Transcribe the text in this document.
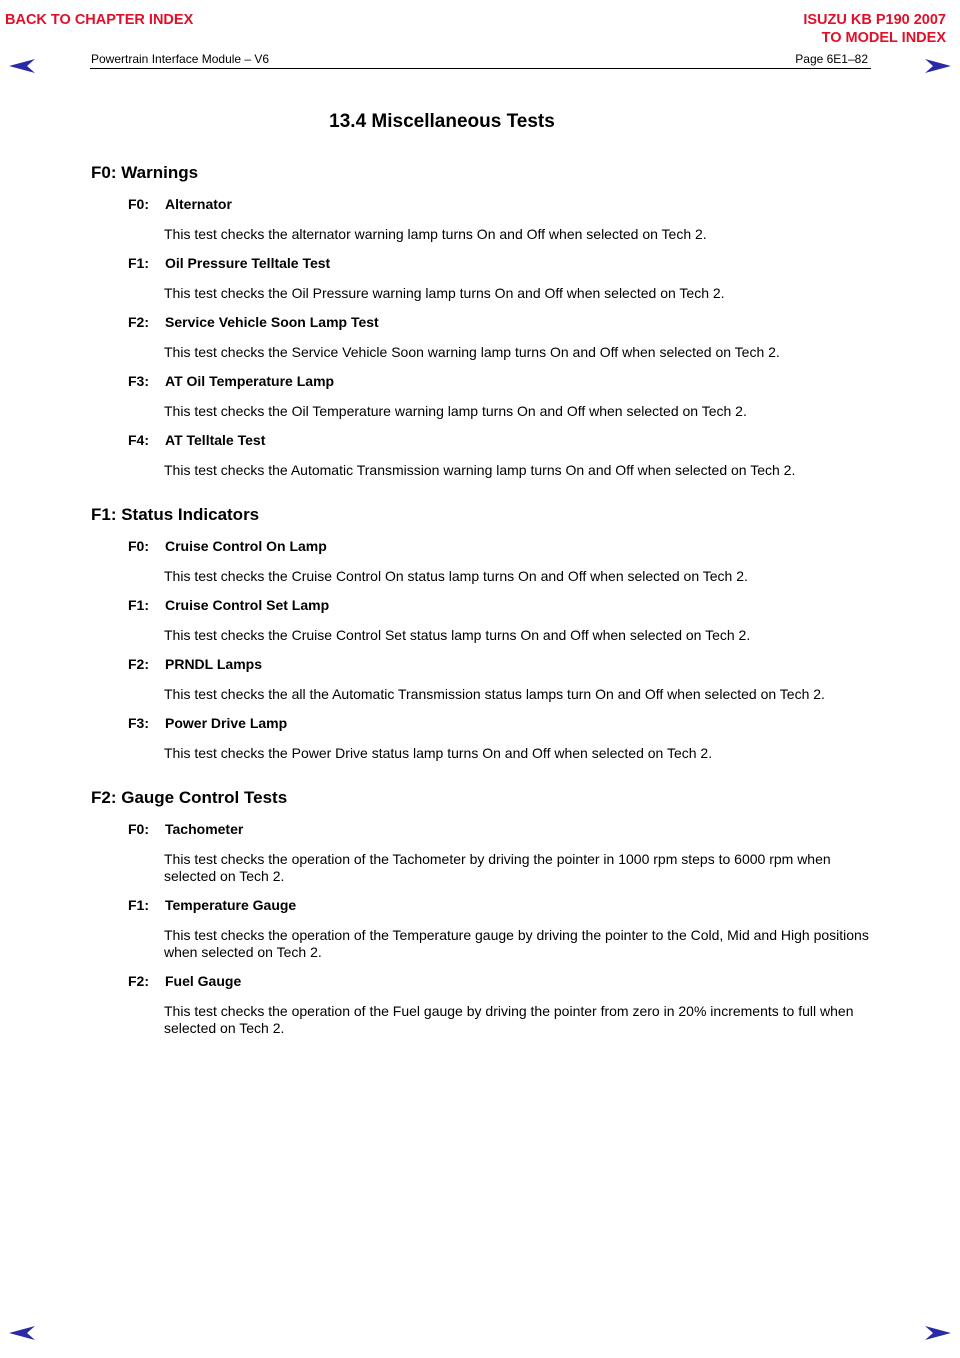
BACK TO CHAPTER INDEX	ISUZU KB P190 2007
TO MODEL INDEX
Powertrain Interface Module – V6	Page 6E1–82
13.4 Miscellaneous Tests
F0: Warnings
F0: Alternator
This test checks the alternator warning lamp turns On and Off when selected on Tech 2.
F1: Oil Pressure Telltale Test
This test checks the Oil Pressure warning lamp turns On and Off when selected on Tech 2.
F2: Service Vehicle Soon Lamp Test
This test checks the Service Vehicle Soon warning lamp turns On and Off when selected on Tech 2.
F3: AT Oil Temperature Lamp
This test checks the Oil Temperature warning lamp turns On and Off when selected on Tech 2.
F4: AT Telltale Test
This test checks the Automatic Transmission warning lamp turns On and Off when selected on Tech 2.
F1: Status Indicators
F0: Cruise Control On Lamp
This test checks the Cruise Control On status lamp turns On and Off when selected on Tech 2.
F1: Cruise Control Set Lamp
This test checks the Cruise Control Set status lamp turns On and Off when selected on Tech 2.
F2: PRNDL Lamps
This test checks the all the Automatic Transmission status lamps turn On and Off when selected on Tech 2.
F3: Power Drive Lamp
This test checks the Power Drive status lamp turns On and Off when selected on Tech 2.
F2: Gauge Control Tests
F0: Tachometer
This test checks the operation of the Tachometer by driving the pointer in 1000 rpm steps to 6000 rpm when selected on Tech 2.
F1: Temperature Gauge
This test checks the operation of the Temperature gauge by driving the pointer to the Cold, Mid and High positions when selected on Tech 2.
F2: Fuel Gauge
This test checks the operation of the Fuel gauge by driving the pointer from zero in 20% increments to full when selected on Tech 2.
